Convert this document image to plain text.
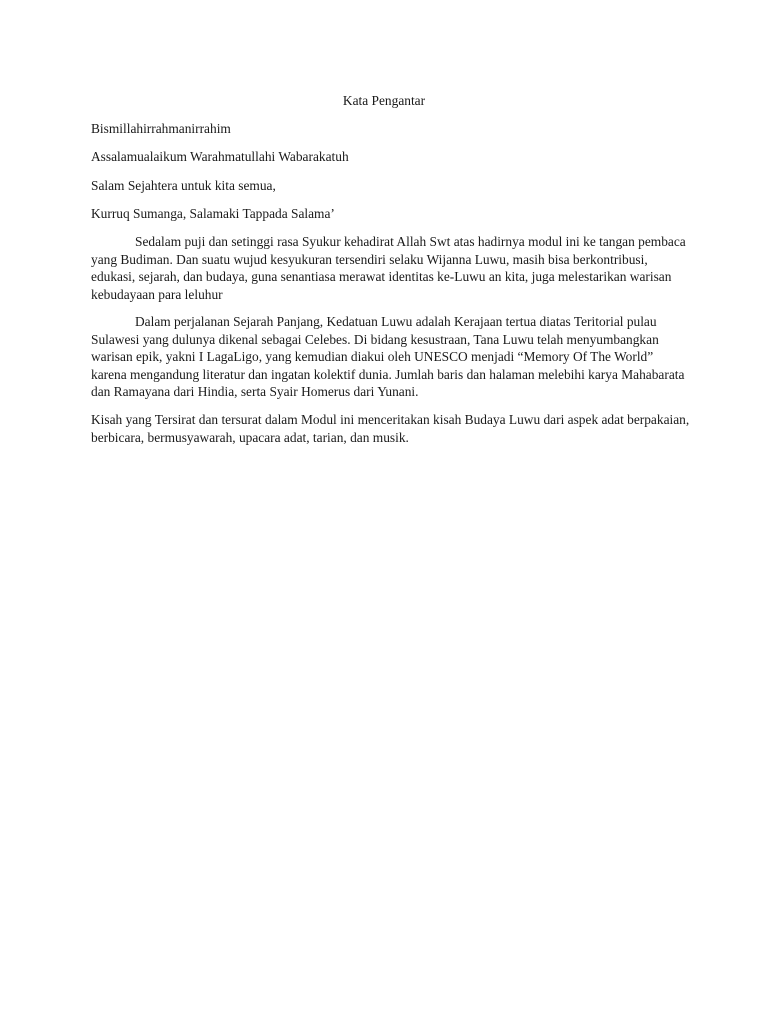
Kata Pengantar
Bismillahirrahmanirrahim
Assalamualaikum Warahmatullahi Wabarakatuh
Salam Sejahtera untuk kita semua,
Kurruq Sumanga, Salamaki Tappada Salama’
Sedalam puji dan setinggi rasa Syukur kehadirat Allah Swt atas hadirnya modul ini ke tangan pembaca yang Budiman. Dan suatu wujud kesyukuran tersendiri selaku Wijanna Luwu, masih bisa berkontribusi, edukasi, sejarah, dan budaya, guna senantiasa merawat identitas ke-Luwu an kita, juga melestarikan warisan kebudayaan para leluhur
Dalam perjalanan Sejarah Panjang, Kedatuan Luwu adalah Kerajaan tertua diatas Teritorial pulau Sulawesi yang dulunya dikenal sebagai Celebes. Di bidang kesustraan, Tana Luwu telah menyumbangkan warisan epik, yakni I LagaLigo, yang kemudian diakui oleh UNESCO menjadi “Memory Of The World” karena mengandung literatur dan ingatan kolektif dunia. Jumlah baris dan halaman melebihi karya Mahabarata dan Ramayana dari Hindia, serta Syair Homerus dari Yunani.
Kisah yang Tersirat dan tersurat dalam Modul ini menceritakan kisah Budaya Luwu dari aspek adat berpakaian, berbicara, bermusyawarah, upacara adat, tarian, dan musik.
